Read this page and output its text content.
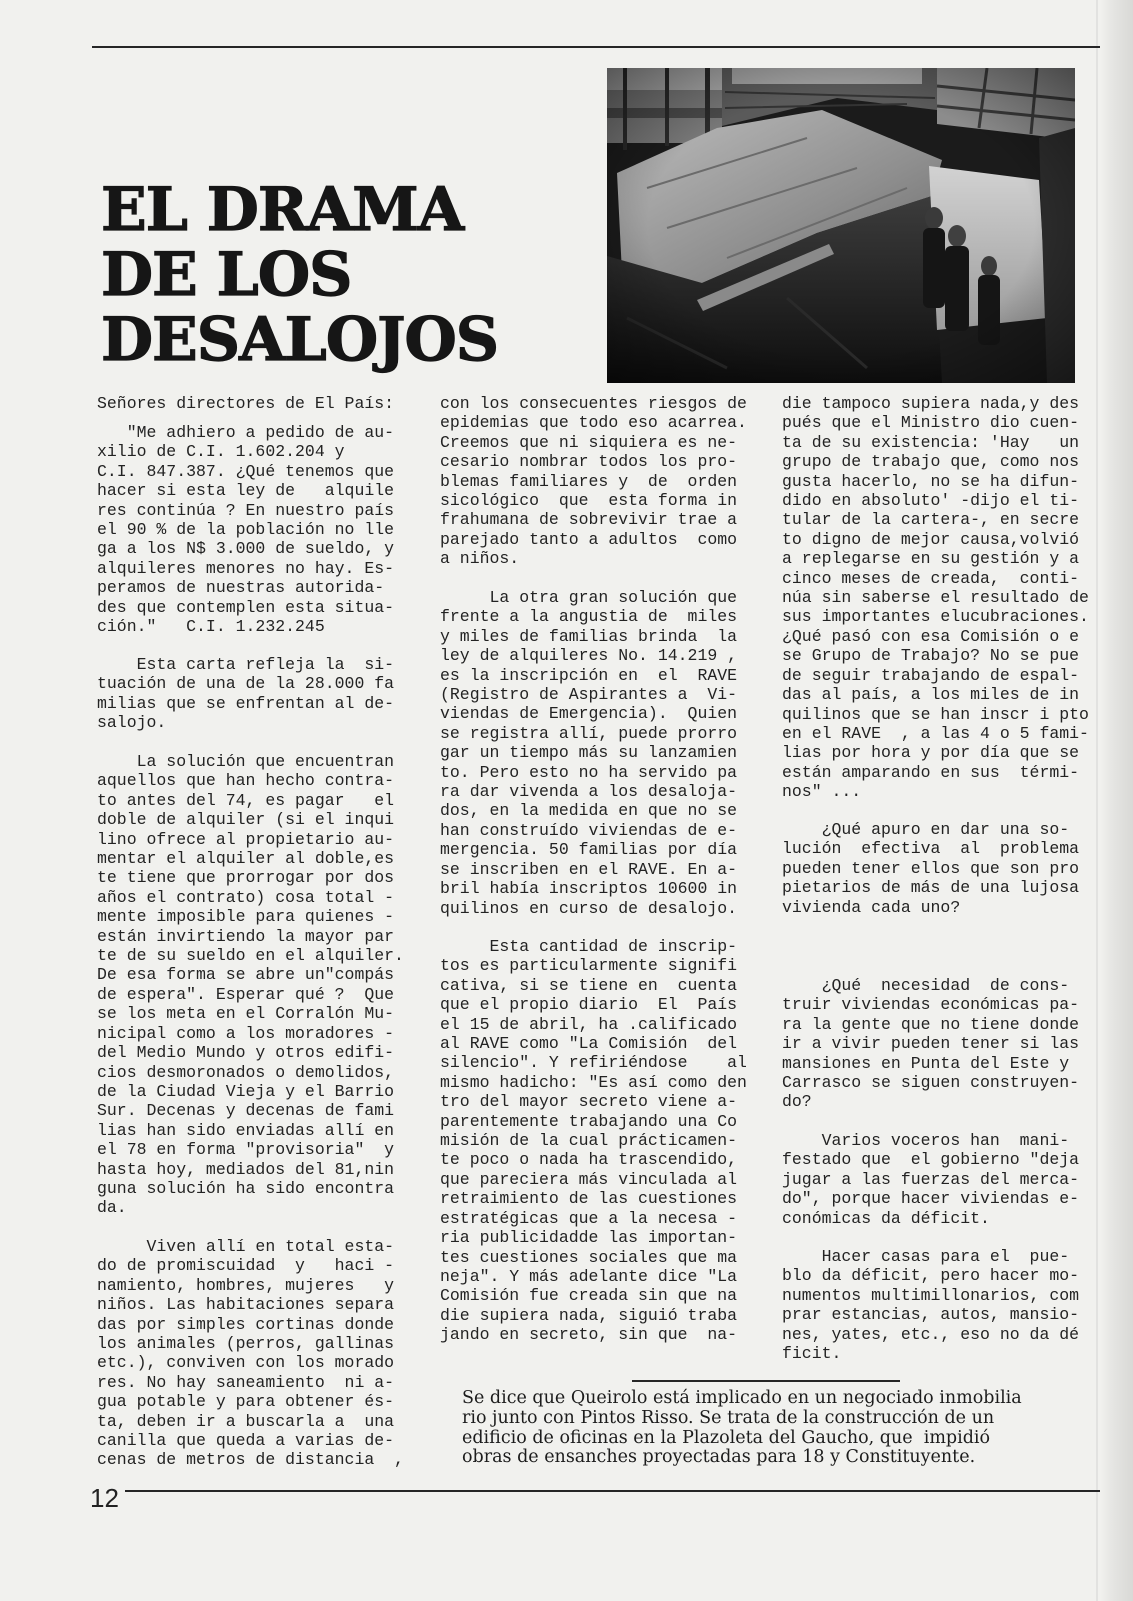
EL DRAMA
DE LOS
DESALOJOS
Señores directores de El País:
"Me adhiero a pedido de au-
xilio de C.I. 1.602.204 y
C.I. 847.387. ¿Qué tenemos que
hacer si esta ley de   alquile
res continúa ? En nuestro país
el 90 % de la población no lle
ga a los N$ 3.000 de sueldo, y
alquileres menores no hay. Es-
peramos de nuestras autorida-
des que contemplen esta situa-
ción."   C.I. 1.232.245
Esta carta refleja la  si-
tuación de una de la 28.000 fa
milias que se enfrentan al de-
salojo.
La solución que encuentran
aquellos que han hecho contra-
to antes del 74, es pagar   el
doble de alquiler (si el inqui
lino ofrece al propietario au-
mentar el alquiler al doble,es
te tiene que prorrogar por dos
años el contrato) cosa total -
mente imposible para quienes -
están invirtiendo la mayor par
te de su sueldo en el alquiler.
De esa forma se abre un"compás
de espera". Esperar qué ?  Que
se los meta en el Corralón Mu-
nicipal como a los moradores -
del Medio Mundo y otros edifi-
cios desmoronados o demolidos,
de la Ciudad Vieja y el Barrio
Sur. Decenas y decenas de fami
lias han sido enviadas allí en
el 78 en forma "provisoria"  y
hasta hoy, mediados del 81,nin
guna solución ha sido encontra
da.
Viven allí en total esta-
do de promiscuidad  y   haci -
namiento, hombres, mujeres   y
niños. Las habitaciones separa
das por simples cortinas donde
los animales (perros, gallinas
etc.), conviven con los morado
res. No hay saneamiento  ni a-
gua potable y para obtener és-
ta, deben ir a buscarla a  una
canilla que queda a varias de-
cenas de metros de distancia  ,
con los consecuentes riesgos de
epidemias que todo eso acarrea.
Creemos que ni siquiera es ne-
cesario nombrar todos los pro-
blemas familiares y  de  orden
sicológico  que  esta forma in
frahumana de sobrevivir trae a
parejado tanto a adultos  como
a niños.
La otra gran solución que
frente a la angustia de  miles
y miles de familias brinda  la
ley de alquileres No. 14.219 ,
es la inscripción en  el  RAVE
(Registro de Aspirantes a  Vi-
viendas de Emergencia).  Quien
se registra allí, puede prorro
gar un tiempo más su lanzamien
to. Pero esto no ha servido pa
ra dar vivenda a los desaloja-
dos, en la medida en que no se
han construído viviendas de e-
mergencia. 50 familias por día
se inscriben en el RAVE. En a-
bril había inscriptos 10600 in
quilinos en curso de desalojo.
Esta cantidad de inscrip-
tos es particularmente signifi
cativa, si se tiene en  cuenta
que el propio diario  El  País
el 15 de abril, ha .calificado
al RAVE como "La Comisión  del
silencio". Y refiriéndose    al
mismo hadicho: "Es así como den
tro del mayor secreto viene a-
parentemente trabajando una Co
misión de la cual prácticamen-
te poco o nada ha trascendido,
que pareciera más vinculada al
retraimiento de las cuestiones
estratégicas que a la necesa -
ria publicidadde las importan-
tes cuestiones sociales que ma
neja". Y más adelante dice "La
Comisión fue creada sin que na
die supiera nada, siguió traba
jando en secreto, sin que  na-
die tampoco supiera nada,y des
pués que el Ministro dio cuen-
ta de su existencia: 'Hay   un
grupo de trabajo que, como nos
gusta hacerlo, no se ha difun-
dido en absoluto' -dijo el ti-
tular de la cartera-, en secre
to digno de mejor causa,volvió
a replegarse en su gestión y a
cinco meses de creada,  conti-
núa sin saberse el resultado de
sus importantes elucubraciones.
¿Qué pasó con esa Comisión o e
se Grupo de Trabajo? No se pue
de seguir trabajando de espal-
das al país, a los miles de in
quilinos que se han inscr i pto
en el RAVE  , a las 4 o 5 fami-
lias por hora y por día que se
están amparando en sus  térmi-
nos" ...
¿Qué apuro en dar una so-
lución  efectiva  al  problema
pueden tener ellos que son pro
pietarios de más de una lujosa
vivienda cada uno?
¿Qué  necesidad  de cons-
truir viviendas económicas pa-
ra la gente que no tiene donde
ir a vivir pueden tener si las
mansiones en Punta del Este y
Carrasco se siguen construyen-
do?
Varios voceros han  mani-
festado que  el gobierno "deja
jugar a las fuerzas del merca-
do", porque hacer viviendas e-
conómicas da déficit.
Hacer casas para el  pue-
blo da déficit, pero hacer mo-
numentos multimillonarios, com
prar estancias, autos, mansio-
nes, yates, etc., eso no da dé
ficit.
Se dice que Queirolo está implicado en un negociado inmobilia
rio junto con Pintos Risso. Se trata de la construcción de un
edificio de oficinas en la Plazoleta del Gaucho, que  impidió
obras de ensanches proyectadas para 18 y Constituyente.
12
